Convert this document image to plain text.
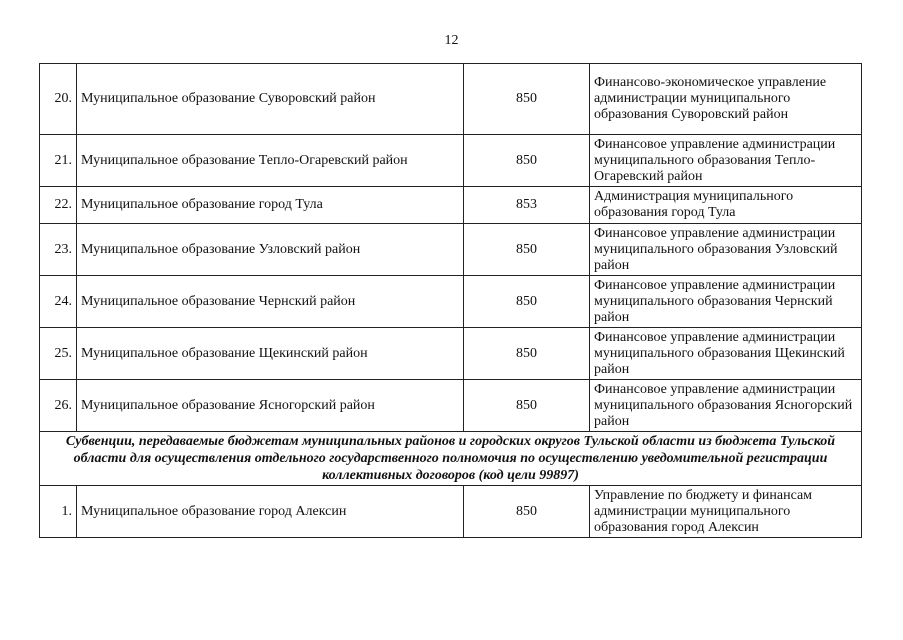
12
20.	Муниципальное образование Суворовский район	850	Финансово-экономическое управление администрации муниципального образования Суворовский район
21.	Муниципальное образование Тепло-Огаревский район	850	Финансовое управление администрации муниципального образования Тепло-Огаревский район
22.	Муниципальное образование город Тула	853	Администрация муниципального образования город Тула
23.	Муниципальное образование Узловский район	850	Финансовое управление администрации муниципального образования Узловский район
24.	Муниципальное образование Чернский район	850	Финансовое управление администрации муниципального образования Чернский район
25.	Муниципальное образование Щекинский район	850	Финансовое управление администрации муниципального образования Щекинский район
26.	Муниципальное образование Ясногорский район	850	Финансовое управление администрации муниципального образования Ясногорский район
Субвенции, передаваемые бюджетам муниципальных районов и городских округов Тульской области из бюджета Тульской области для осуществления отдельного государственного полномочия по осуществлению уведомительной регистрации коллективных договоров (код цели 99897)			
1.	Муниципальное образование город Алексин	850	Управление по бюджету и финансам администрации муниципального образования город Алексин
